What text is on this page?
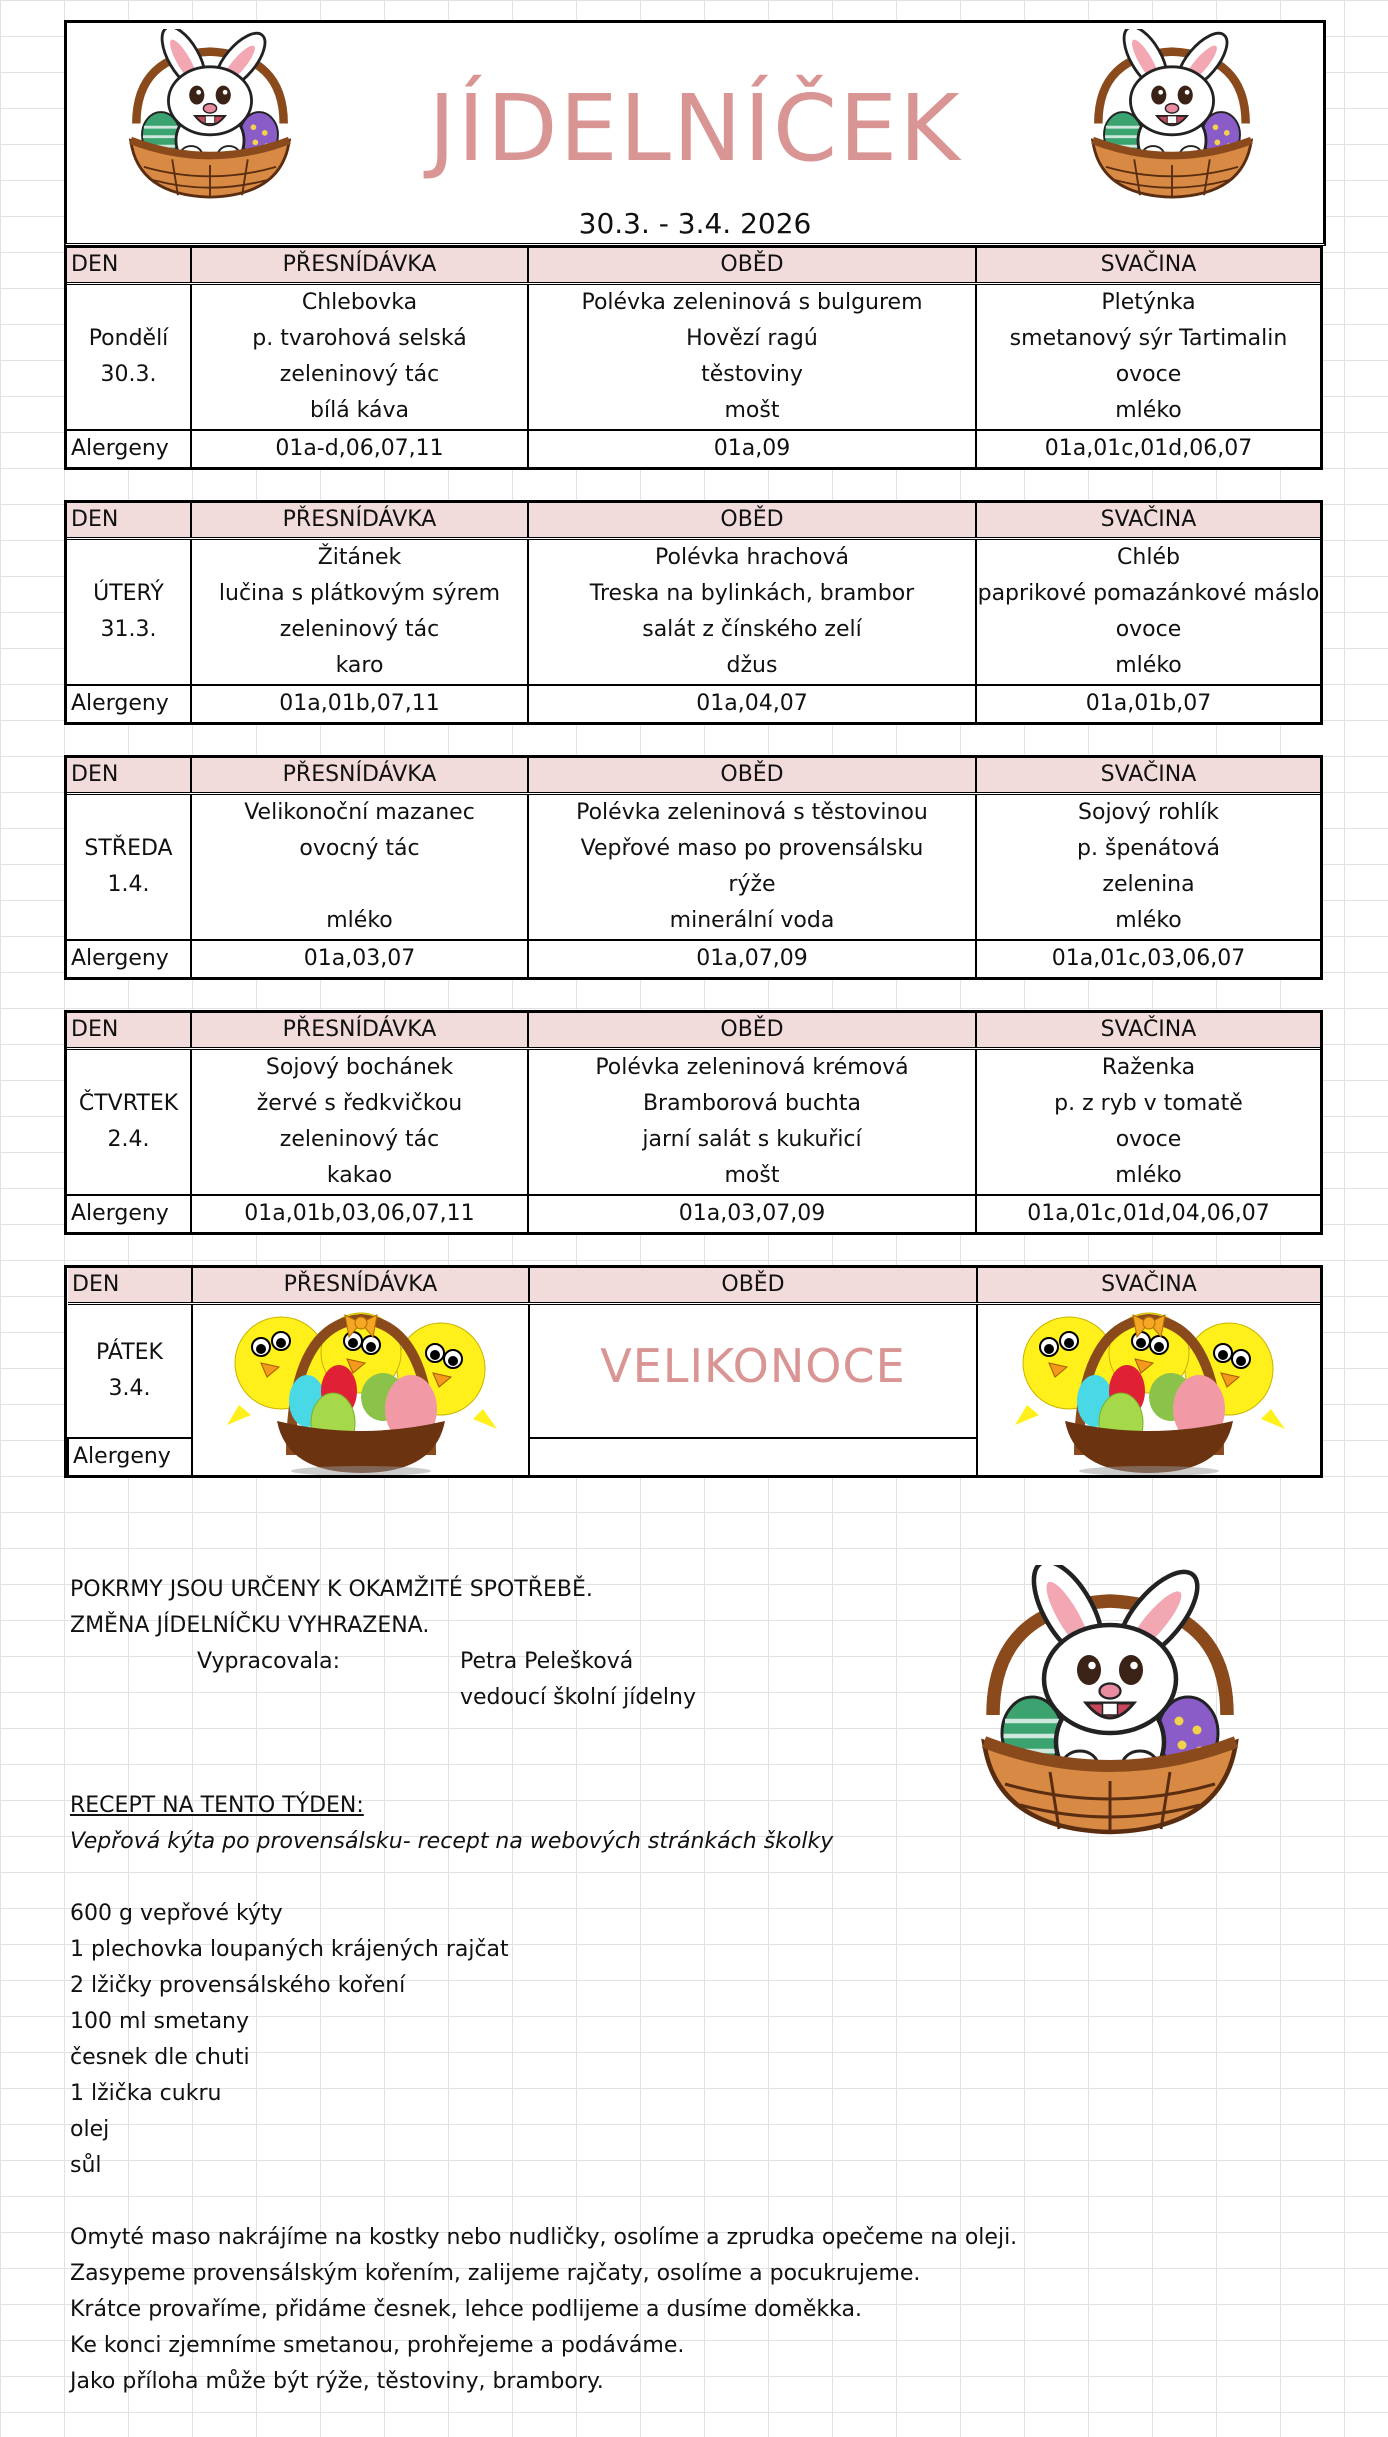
JÍDELNÍČEK
30.3. - 3.4. 2026
DEN	PŘESNÍDÁVKA	OBĚD	SVAČINA

Pondělí
30.3.	Chlebovka	Polévka zeleninová s bulgurem	Pletýnka
	p. tvarohová selská	Hovězí ragú	smetanový sýr Tartimalin
	zeleninový tác	těstoviny	ovoce
	bílá káva	mošt	mléko
Alergeny	01a-d,06,07,11	01a,09	01a,01c,01d,06,07
DEN	PŘESNÍDÁVKA	OBĚD	SVAČINA

ÚTERÝ
31.3.	Žitánek	Polévka hrachová	Chléb
	lučina s plátkovým sýrem	Treska na bylinkách, brambor	paprikové pomazánkové máslo
	zeleninový tác	salát z čínského zelí	ovoce
	karo	džus	mléko
Alergeny	01a,01b,07,11	01a,04,07	01a,01b,07
DEN	PŘESNÍDÁVKA	OBĚD	SVAČINA

STŘEDA
1.4.	Velikonoční mazanec	Polévka zeleninová s těstovinou	Sojový rohlík
	ovocný tác	Vepřové maso po provensálsku	p. špenátová
		rýže	zelenina
	mléko	minerální voda	mléko
Alergeny	01a,03,07	01a,07,09	01a,01c,03,06,07
DEN	PŘESNÍDÁVKA	OBĚD	SVAČINA

ČTVRTEK
2.4.	Sojový bochánek	Polévka zeleninová krémová	Raženka
	žervé s ředkvičkou	Bramborová buchta	p. z ryb v tomatě
	zeleninový tác	jarní salát s kukuřicí	ovoce
	kakao	mošt	mléko
Alergeny	01a,01b,03,06,07,11	01a,03,07,09	01a,01c,01d,04,06,07
DEN	PŘESNÍDÁVKA	OBĚD	SVAČINA

PÁTEK
3.4.		VELIKONOCE	

Alergeny			
POKRMY JSOU URČENY K OKAMŽITÉ SPOTŘEBĚ.
ZMĚNA JÍDELNÍČKU VYHRAZENA.
Vypracovala:	Petra Pelešková
vedoucí školní jídelny
RECEPT NA TENTO TÝDEN:
Vepřová kýta po provensálsku- recept na webových stránkách školky
600 g vepřové kýty
1 plechovka loupaných krájených rajčat
2 lžičky provensálského koření
100 ml smetany
česnek dle chuti
1 lžička cukru
olej
sůl
Omyté maso nakrájíme na kostky nebo nudličky, osolíme a zprudka opečeme na oleji.
Zasypeme provensálským kořením, zalijeme rajčaty, osolíme a pocukrujeme.
Krátce provaříme, přidáme česnek, lehce podlijeme a dusíme doměkka.
Ke konci zjemníme smetanou, prohřejeme a podáváme.
Jako příloha může být rýže, těstoviny, brambory.
